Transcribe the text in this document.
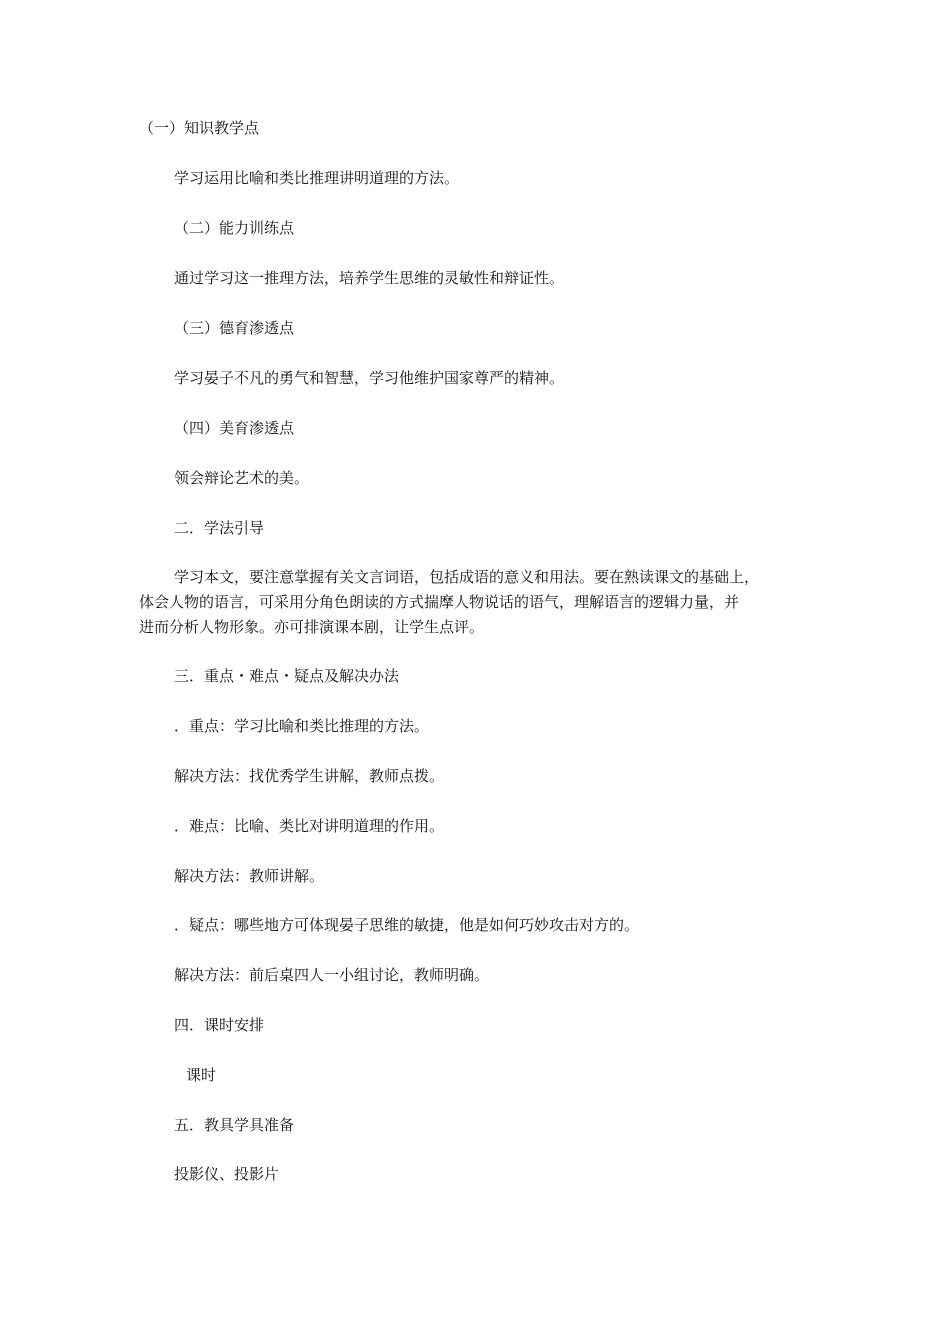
（一）知识教学点
学习运用比喻和类比推理讲明道理的方法。
（二）能力训练点
通过学习这一推理方法，培养学生思维的灵敏性和辩证性。
（三）德育渗透点
学习晏子不凡的勇气和智慧，学习他维护国家尊严的精神。
（四）美育渗透点
领会辩论艺术的美。
二．学法引导
学习本文，要注意掌握有关文言词语，包括成语的意义和用法。要在熟读课文的基础上，
体会人物的语言，可采用分角色朗读的方式揣摩人物说话的语气，理解语言的逻辑力量，并
进而分析人物形象。亦可排演课本剧，让学生点评。
三．重点・难点・疑点及解决办法
．重点：学习比喻和类比推理的方法。
解决方法：找优秀学生讲解，教师点拨。
．难点：比喻、类比对讲明道理的作用。
解决方法：教师讲解。
．疑点：哪些地方可体现晏子思维的敏捷，他是如何巧妙攻击对方的。
解决方法：前后桌四人一小组讨论，教师明确。
四．课时安排
课时
五．教具学具准备
投影仪、投影片
